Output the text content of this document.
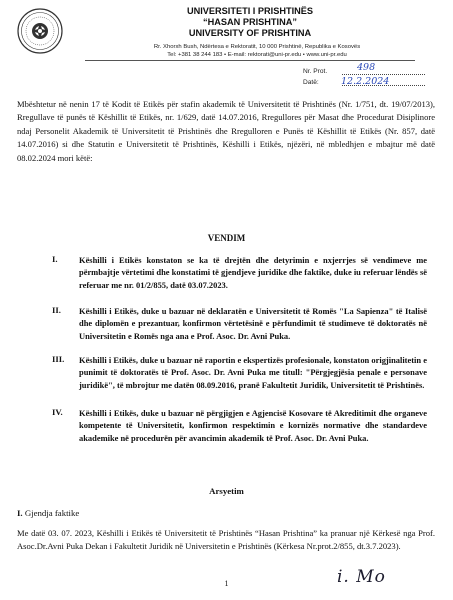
UNIVERSITETI I PRISHTINËS
“HASAN PRISHTINA”
UNIVERSITY OF PRISHTINA
Rr. Xhorxh Bush, Ndërtesa e Rektoratit, 10 000 Prishtinë, Republika e Kosovës
Tel: +381 38 244 183 • E-mail: rektorati@uni-pr.edu • www.uni-pr.edu
Nr. Prot.	498
Datë: 12.2.2024
Mbështetur në nenin 17 të Kodit të Etikës për stafin akademik të Universitetit të Prishtinës (Nr. 1/751, dt. 19/07/2013), Rregullave të punës të Këshillit të Etikës, nr. 1/629, datë 14.07.2016, Rregullores për Masat dhe Procedurat Disiplinore ndaj Personelit Akademik të Universitetit të Prishtinës dhe Rregulloren e Punës të Këshillit të Etikës (Nr. 857, datë 14.07.2016) si dhe Statutin e Universitetit të Prishtinës, Këshilli i Etikës, njëzëri, në mbledhjen e mbajtur më datë 08.02.2024 mori këtë:
VENDIM
I.	Këshilli i Etikës konstaton se ka të drejtën dhe detyrimin e nxjerrjes së vendimeve me përmbajtje vërtetimi dhe konstatimi të gjendjeve juridike dhe faktike, duke iu referuar lëndës së referuar me nr. 01/2/855, datë 03.07.2023.
II. Këshilli i Etikës, duke u bazuar në deklaratën e Universitetit të Romës "La Sapienza" të Italisë dhe diplomën e prezantuar, konfirmon vërtetësinë e përfundimit të studimeve të doktoratës në Universitetin e Romës nga ana e Prof. Asoc. Dr. Avni Puka.
III. Këshilli i Etikës, duke u bazuar në raportin e ekspertizës profesionale, konstaton origjinalitetin e punimit të doktoratës të Prof. Asoc. Dr. Avni Puka me titull: "Përgjegjësia penale e personave juridikë", të mbrojtur me datën 08.09.2016, pranë Fakultetit Juridik, Universitetit të Prishtinës.
IV. Këshilli i Etikës, duke u bazuar në përgjigjen e Agjencisë Kosovare të Akreditimit dhe organeve kompetente të Universitetit, konfirmon respektimin e kornizës normative dhe standardeve akademike në procedurën për avancimin akademik të Prof. Asoc. Dr. Avni Puka.
Arsyetim
I. Gjendja faktike
Me datë 03. 07. 2023, Këshilli i Etikës të Universitetit të Prishtinës “Hasan Prishtina” ka pranuar një Kërkesë nga Prof. Asoc.Dr.Avni Puka Dekan i Fakultetit Juridik në Universitetin e Prishtinës (Kërkesa Nr.prot.2/855, dt.3.7.2023).
1	i. Mo
